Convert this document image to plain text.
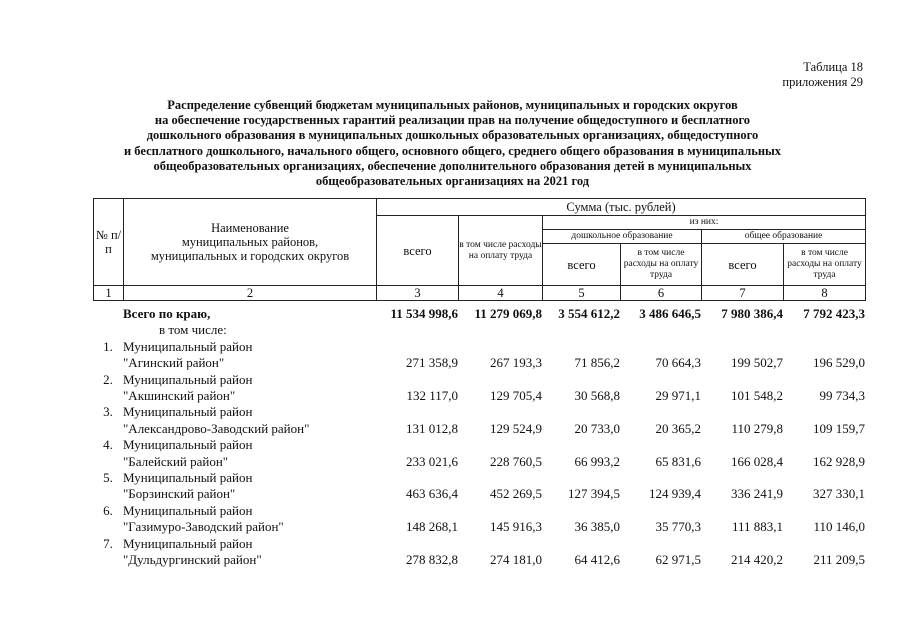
Таблица 18
приложения 29
Распределение субвенций бюджетам муниципальных районов, муниципальных и городских округов
на обеспечение государственных гарантий реализации прав на получение общедоступного и бесплатного
дошкольного образования в муниципальных дошкольных образовательных организациях, общедоступного
и бесплатного дошкольного, начального общего, основного общего, среднего общего образования в муниципальных
общеобразовательных организациях, обеспечение дополнительного образования детей в муниципальных
общеобразовательных организациях на 2021 год
№ п/п	Наименование
муниципальных районов,
муниципальных и городских округов	Сумма (тыс. рублей)					
		всего	в том числе расходы на оплату труда	из них:			
				дошкольное образование		общее образование	
				всего	в том числе расходы на оплату труда	всего	в том числе расходы на оплату труда
1	2	3	4	5	6	7	8
	Всего по краю,	11 534 998,6	11 279 069,8	3 554 612,2	3 486 646,5	7 980 386,4	7 792 423,3
	в том числе:						
1.	Муниципальный район						
	"Агинский район"	271 358,9	267 193,3	71 856,2	70 664,3	199 502,7	196 529,0
2.	Муниципальный район						
	"Акшинский район"	132 117,0	129 705,4	30 568,8	29 971,1	101 548,2	99 734,3
3.	Муниципальный район						
	"Александрово-Заводский район"	131 012,8	129 524,9	20 733,0	20 365,2	110 279,8	109 159,7
4.	Муниципальный район						
	"Балейский район"	233 021,6	228 760,5	66 993,2	65 831,6	166 028,4	162 928,9
5.	Муниципальный район						
	"Борзинский район"	463 636,4	452 269,5	127 394,5	124 939,4	336 241,9	327 330,1
6.	Муниципальный район						
	"Газимуро-Заводский район"	148 268,1	145 916,3	36 385,0	35 770,3	111 883,1	110 146,0
7.	Муниципальный район						
	"Дульдургинский район"	278 832,8	274 181,0	64 412,6	62 971,5	214 420,2	211 209,5
